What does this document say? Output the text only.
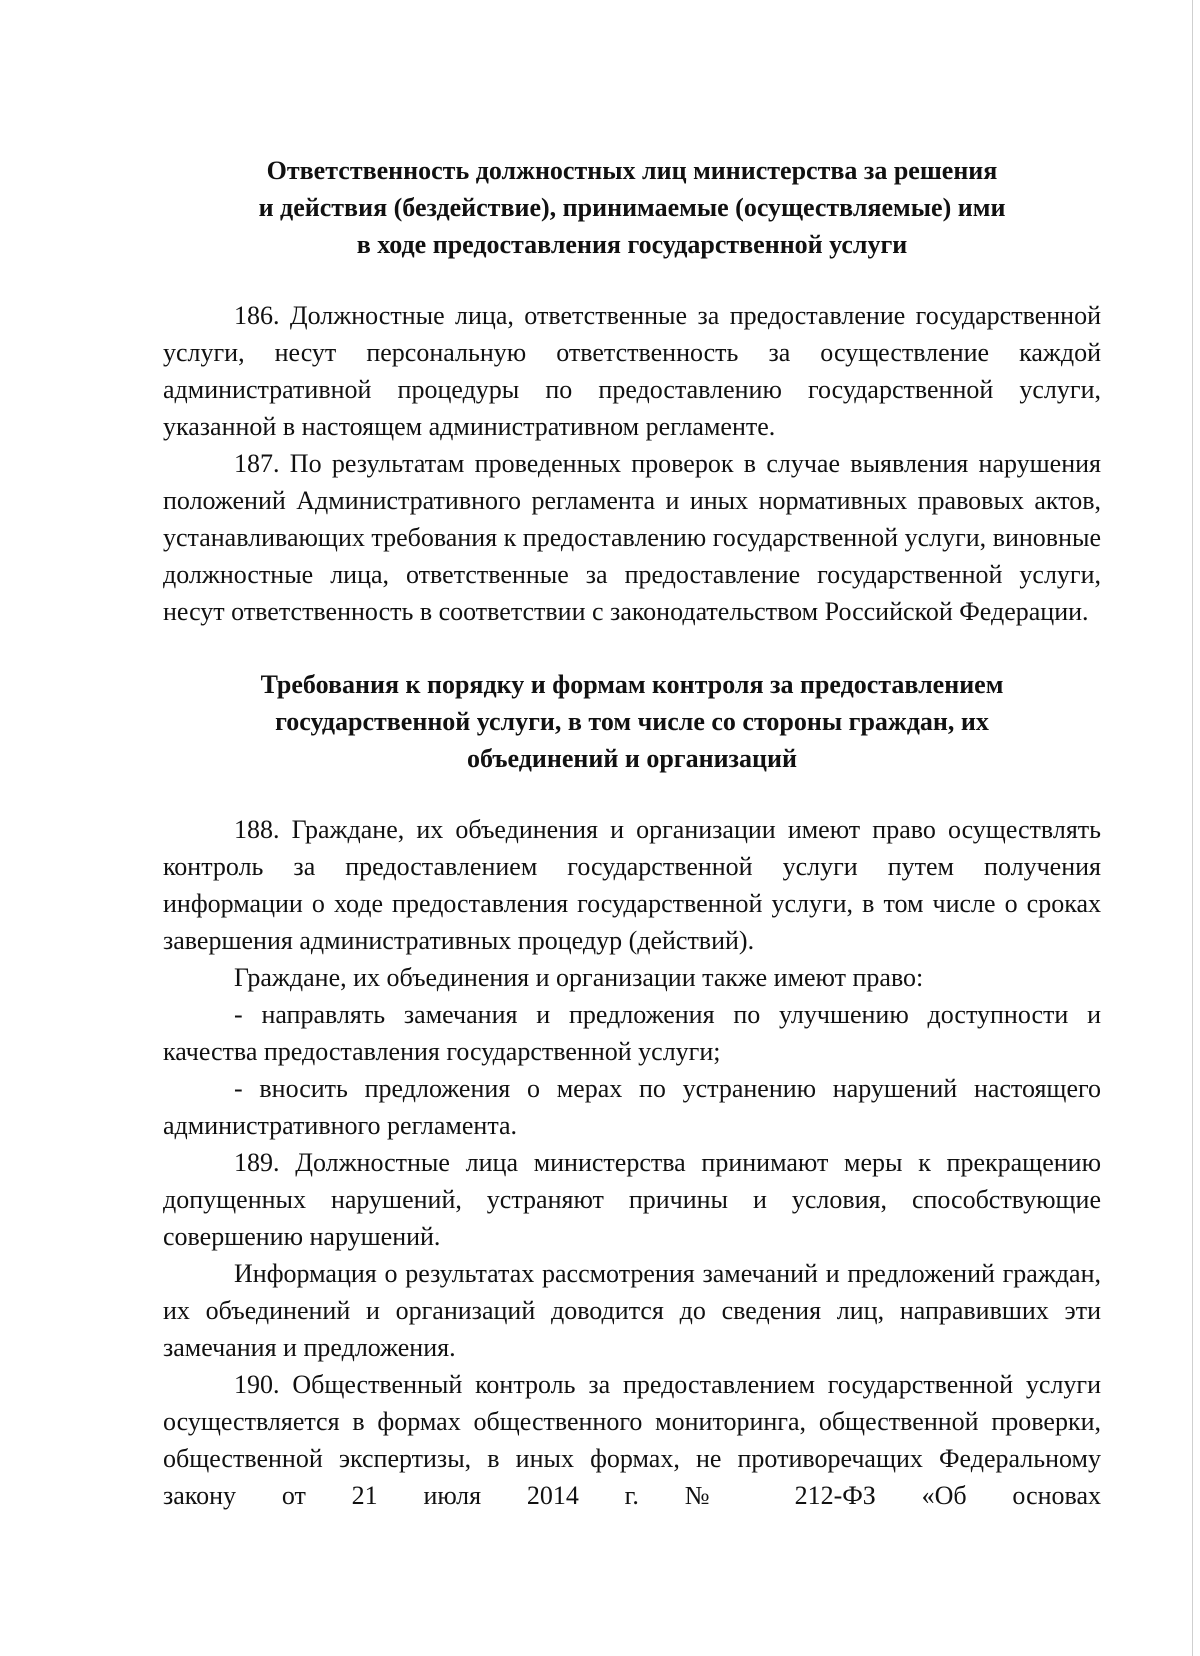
Ответственность должностных лиц министерства за решения
и действия (бездействие), принимаемые (осуществляемые) ими
в ходе предоставления государственной услуги

186. Должностные лица, ответственные за предоставление государственной услуги, несут персональную ответственность за осуществление каждой административной процедуры по предоставлению государственной услуги, указанной в настоящем административном регламенте.

187. По результатам проведенных проверок в случае выявления нарушения положений Административного регламента и иных нормативных правовых актов, устанавливающих требования к предоставлению государственной услуги, виновные должностные лица, ответственные за предоставление государственной услуги, несут ответственность в соответствии с законодательством Российской Федерации.

Требования к порядку и формам контроля за предоставлением
государственной услуги, в том числе со стороны граждан, их
объединений и организаций

188. Граждане, их объединения и организации имеют право осуществлять контроль за предоставлением государственной услуги путем получения информации о ходе предоставления государственной услуги, в том числе о сроках завершения административных процедур (действий).

Граждане, их объединения и организации также имеют право:

- направлять замечания и предложения по улучшению доступности и качества предоставления государственной услуги;

- вносить предложения о мерах по устранению нарушений настоящего административного регламента.

189. Должностные лица министерства принимают меры к прекращению допущенных нарушений, устраняют причины и условия, способствующие совершению нарушений.

Информация о результатах рассмотрения замечаний и предложений граждан, их объединений и организаций доводится до сведения лиц, направивших эти замечания и предложения.

190. Общественный контроль за предоставлением государственной услуги осуществляется в формах общественного мониторинга, общественной проверки, общественной экспертизы, в иных формах, не противоречащих Федеральному закону от 21 июля 2014 г. № 212-ФЗ «Об основах
